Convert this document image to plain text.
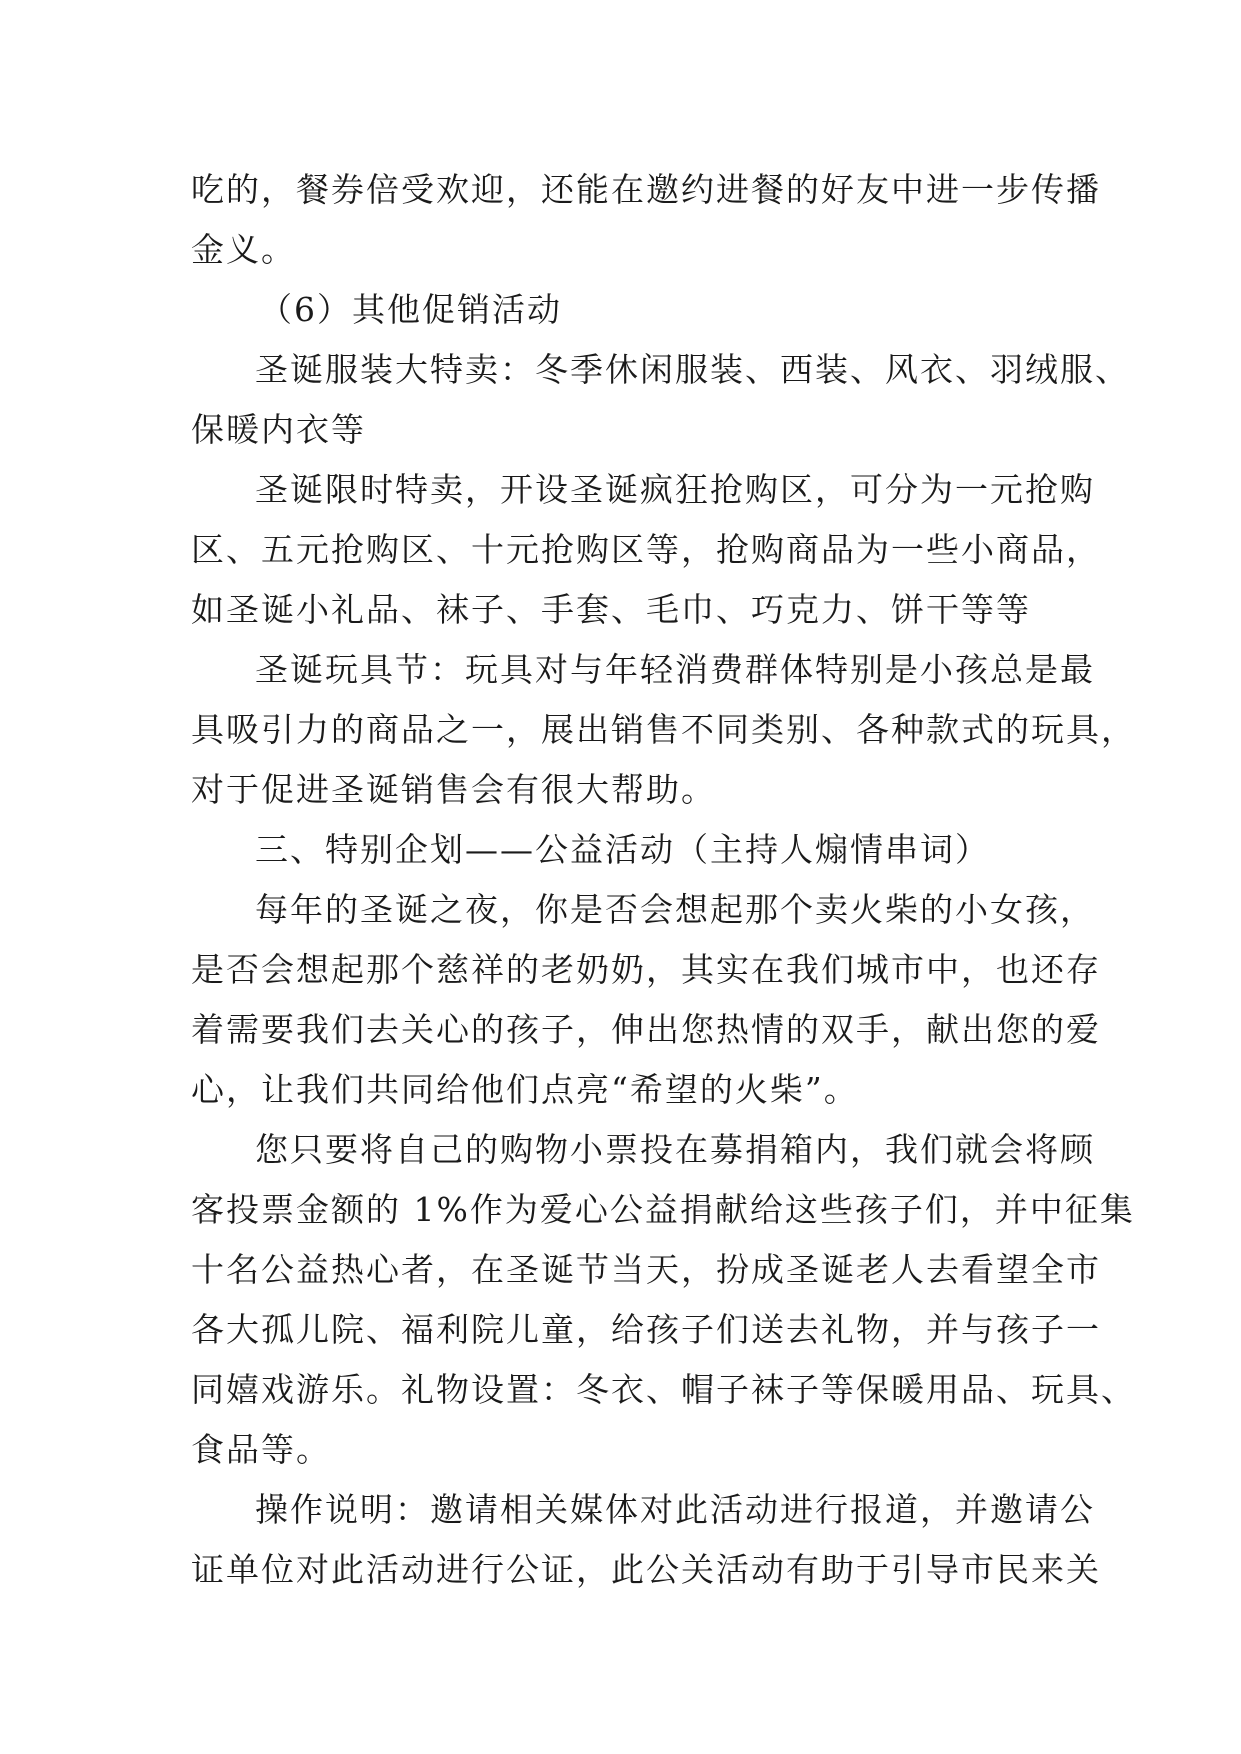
吃的，餐券倍受欢迎，还能在邀约进餐的好友中进一步传播
金义。
（6）其他促销活动
圣诞服装大特卖：冬季休闲服装、西装、风衣、羽绒服、
保暖内衣等
圣诞限时特卖，开设圣诞疯狂抢购区，可分为一元抢购
区、五元抢购区、十元抢购区等，抢购商品为一些小商品，
如圣诞小礼品、袜子、手套、毛巾、巧克力、饼干等等
圣诞玩具节：玩具对与年轻消费群体特别是小孩总是最
具吸引力的商品之一，展出销售不同类别、各种款式的玩具，
对于促进圣诞销售会有很大帮助。
三、特别企划——公益活动（主持人煽情串词）
每年的圣诞之夜，你是否会想起那个卖火柴的小女孩，
是否会想起那个慈祥的老奶奶，其实在我们城市中，也还存
着需要我们去关心的孩子，伸出您热情的双手，献出您的爱
心，让我们共同给他们点亮“希望的火柴”。
您只要将自己的购物小票投在募捐箱内，我们就会将顾
客投票金额的 1%作为爱心公益捐献给这些孩子们，并中征集
十名公益热心者，在圣诞节当天，扮成圣诞老人去看望全市
各大孤儿院、福利院儿童，给孩子们送去礼物，并与孩子一
同嬉戏游乐。礼物设置：冬衣、帽子袜子等保暖用品、玩具、
食品等。
操作说明：邀请相关媒体对此活动进行报道，并邀请公
证单位对此活动进行公证，此公关活动有助于引导市民来关
